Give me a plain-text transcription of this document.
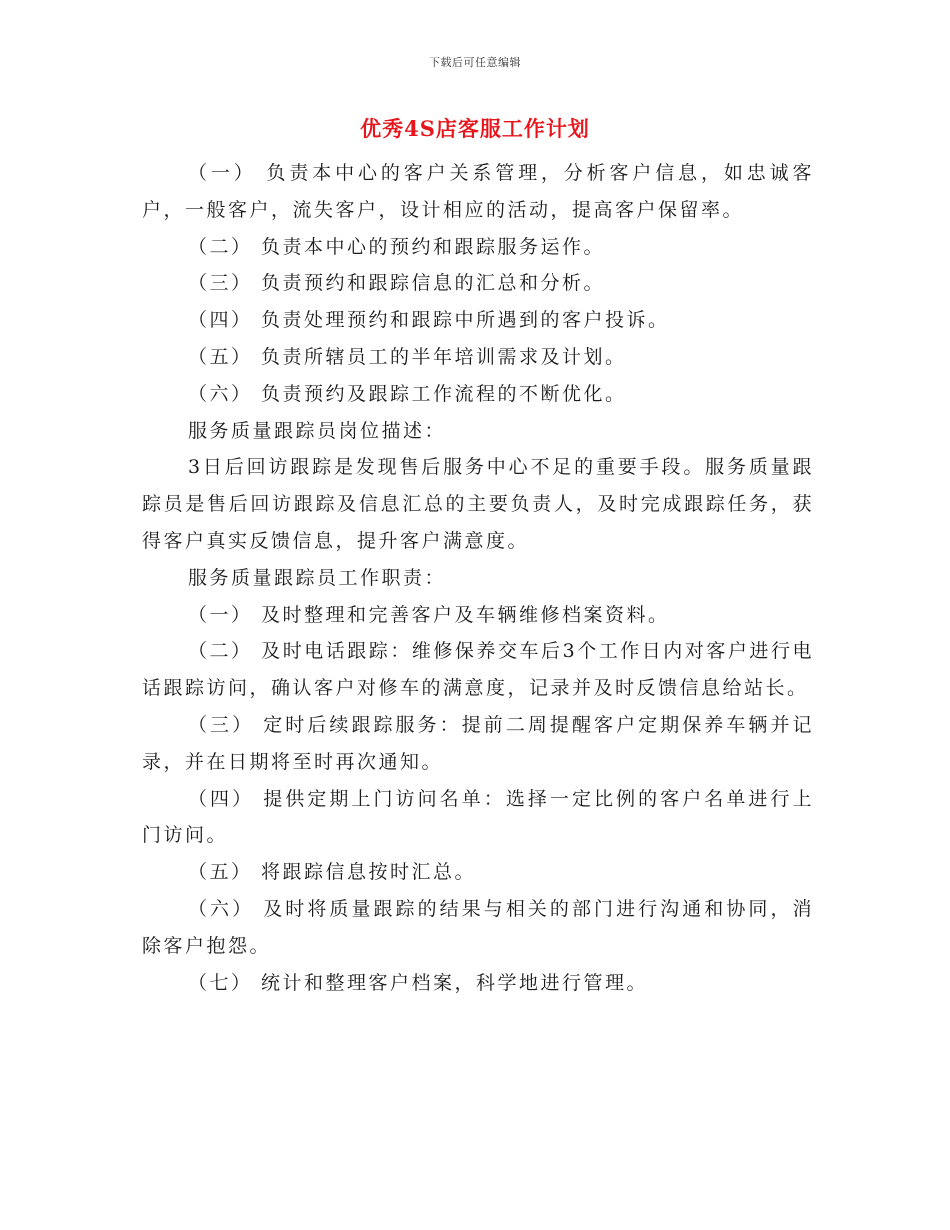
下载后可任意编辑
优秀4S店客服工作计划

（一） 负责本中心的客户关系管理，分析客户信息，如忠诚客户，一般客户，流失客户，设计相应的活动，提高客户保留率。

（二） 负责本中心的预约和跟踪服务运作。

（三） 负责预约和跟踪信息的汇总和分析。

（四） 负责处理预约和跟踪中所遇到的客户投诉。

（五） 负责所辖员工的半年培训需求及计划。

（六） 负责预约及跟踪工作流程的不断优化。

服务质量跟踪员岗位描述：

3日后回访跟踪是发现售后服务中心不足的重要手段。服务质量跟踪员是售后回访跟踪及信息汇总的主要负责人，及时完成跟踪任务，获得客户真实反馈信息，提升客户满意度。

服务质量跟踪员工作职责：

（一） 及时整理和完善客户及车辆维修档案资料。

（二） 及时电话跟踪：维修保养交车后3个工作日内对客户进行电话跟踪访问，确认客户对修车的满意度，记录并及时反馈信息给站长。

（三） 定时后续跟踪服务：提前二周提醒客户定期保养车辆并记录，并在日期将至时再次通知。

（四） 提供定期上门访问名单：选择一定比例的客户名单进行上门访问。

（五） 将跟踪信息按时汇总。

（六） 及时将质量跟踪的结果与相关的部门进行沟通和协同，消除客户抱怨。

（七） 统计和整理客户档案，科学地进行管理。
